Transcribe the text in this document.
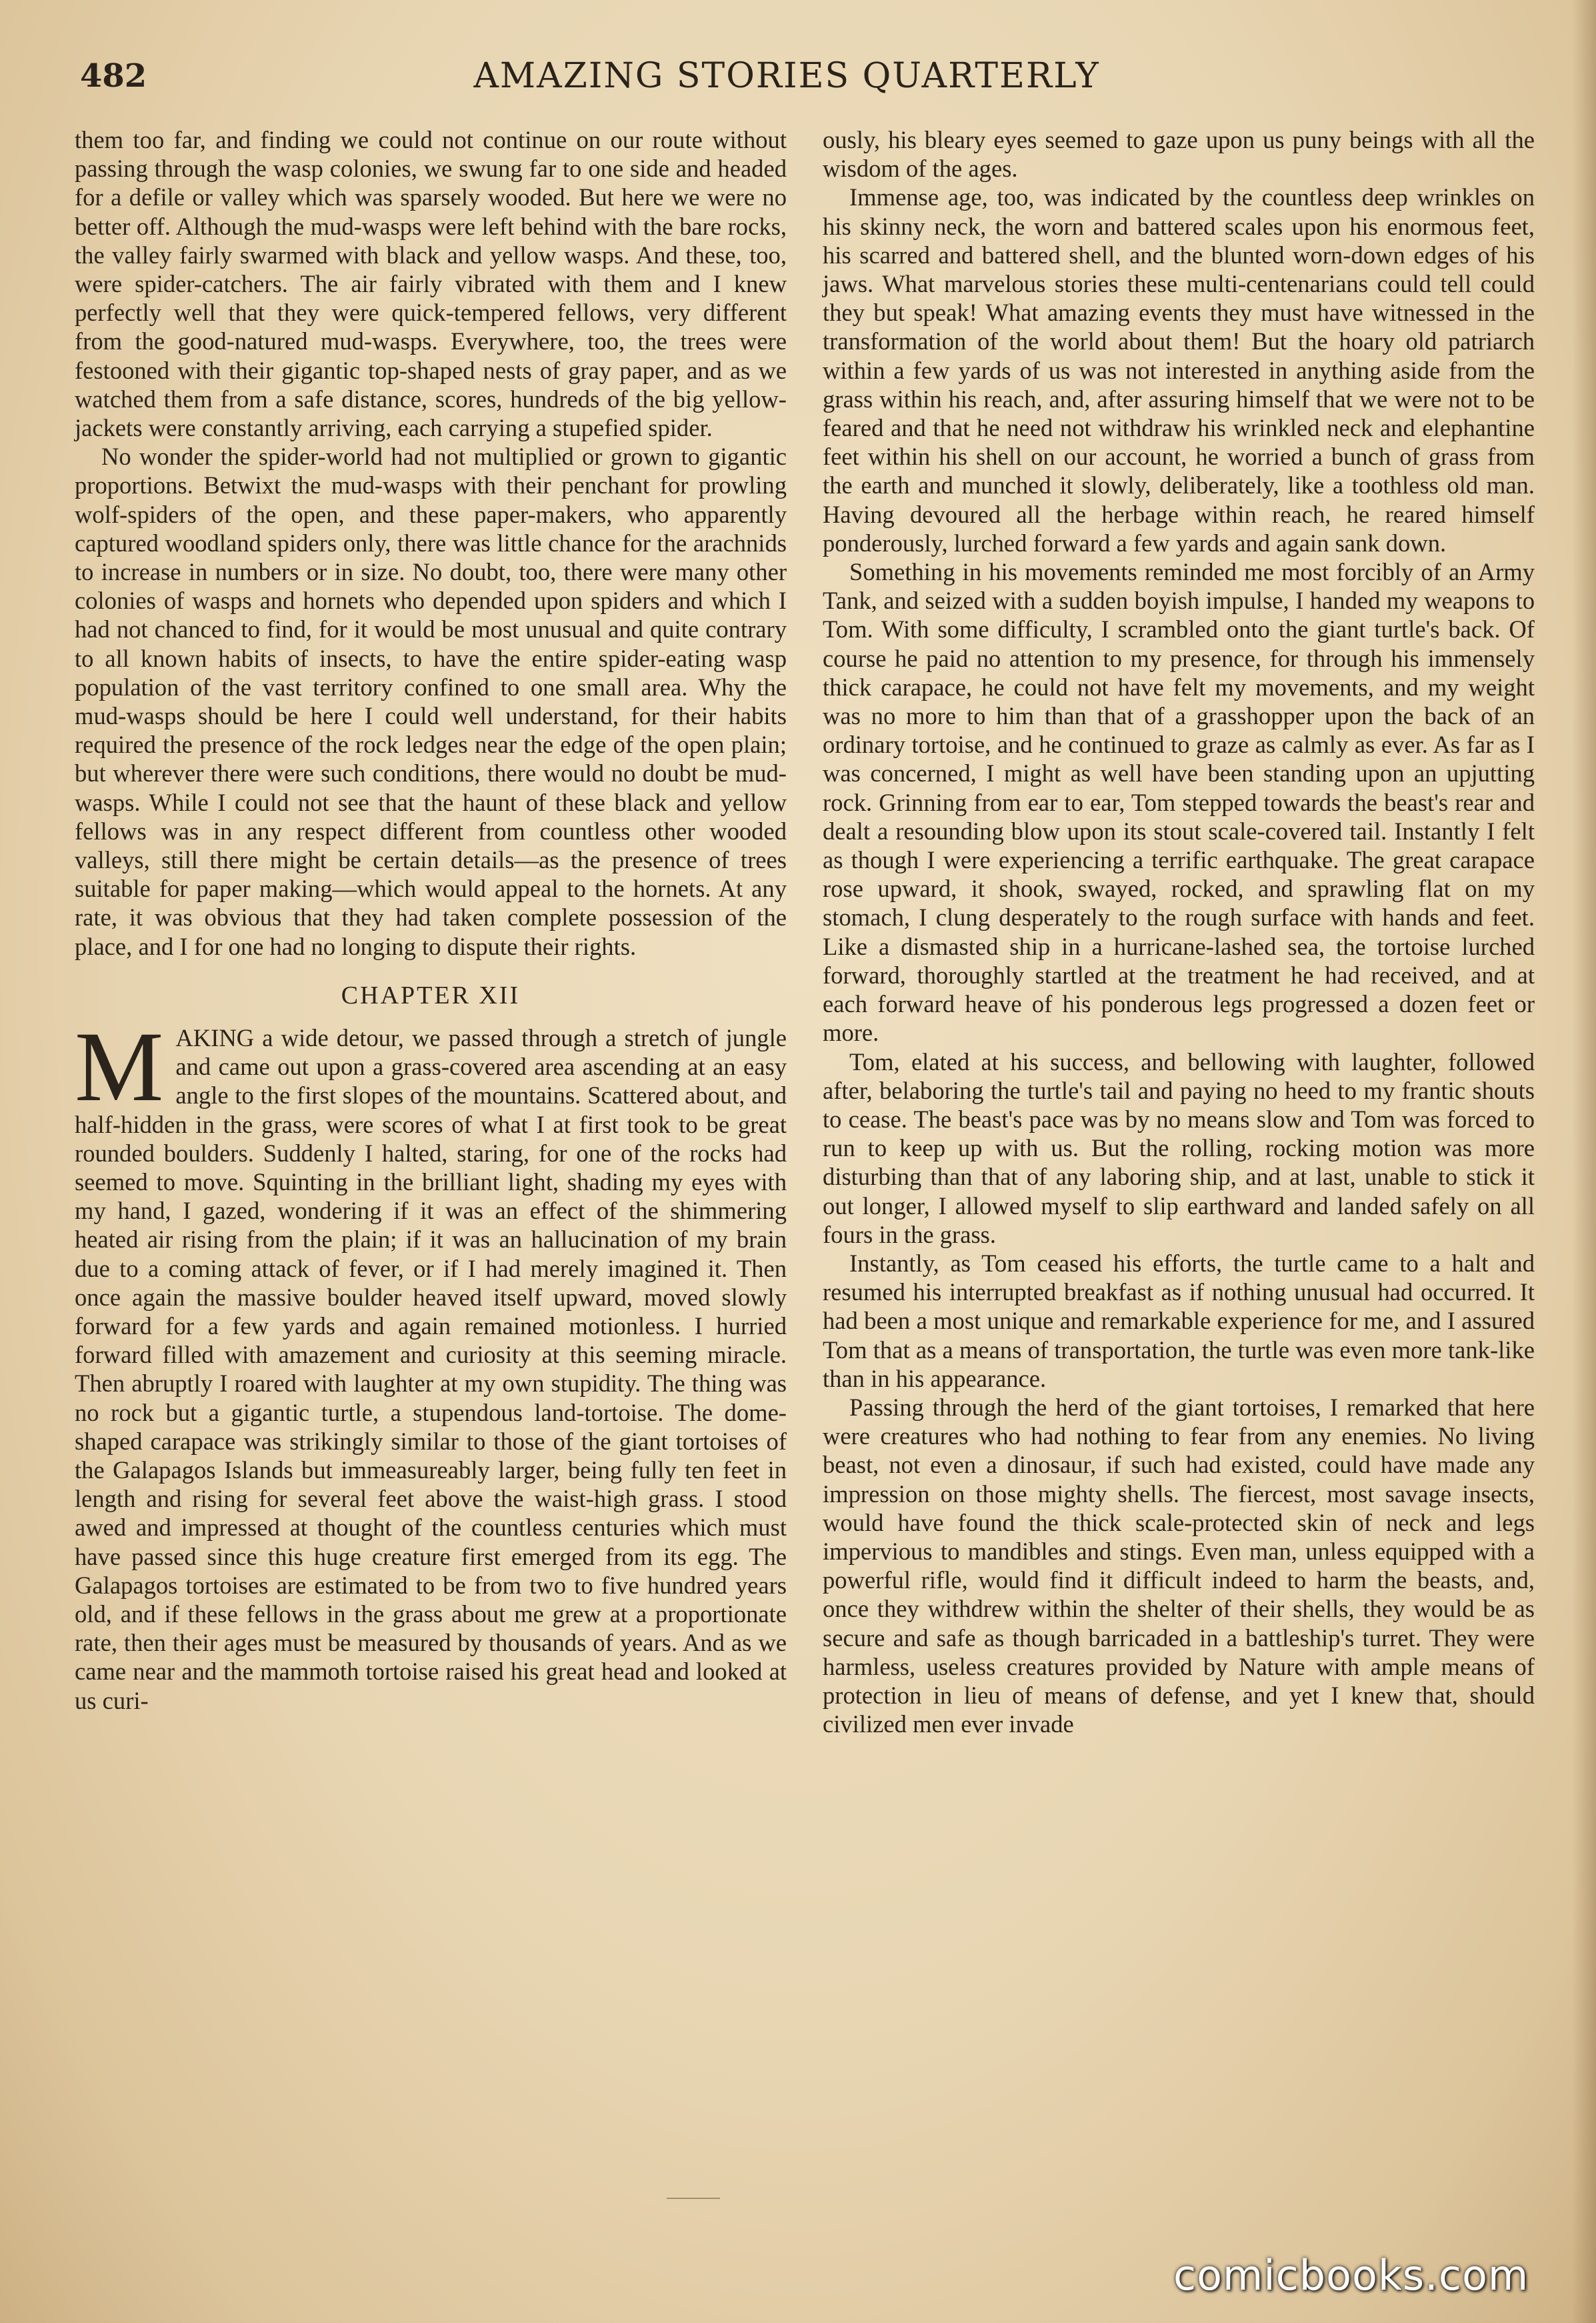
482	AMAZING STORIES QUARTERLY

them too far, and finding we could not continue on our route without passing through the wasp colonies, we swung far to one side and headed for a defile or valley which was sparsely wooded. But here we were no better off. Although the mud-wasps were left behind with the bare rocks, the valley fairly swarmed with black and yellow wasps. And these, too, were spider-catchers. The air fairly vibrated with them and I knew perfectly well that they were quick-tempered fellows, very different from the good-natured mud-wasps. Everywhere, too, the trees were festooned with their gigantic top-shaped nests of gray paper, and as we watched them from a safe distance, scores, hundreds of the big yellow-jackets were constantly arriving, each carrying a stupefied spider.

No wonder the spider-world had not multiplied or grown to gigantic proportions. Betwixt the mud-wasps with their penchant for prowling wolf-spiders of the open, and these paper-makers, who apparently captured woodland spiders only, there was little chance for the arachnids to increase in numbers or in size. No doubt, too, there were many other colonies of wasps and hornets who depended upon spiders and which I had not chanced to find, for it would be most unusual and quite contrary to all known habits of insects, to have the entire spider-eating wasp population of the vast territory confined to one small area. Why the mud-wasps should be here I could well understand, for their habits required the presence of the rock ledges near the edge of the open plain; but wherever there were such conditions, there would no doubt be mud-wasps. While I could not see that the haunt of these black and yellow fellows was in any respect different from countless other wooded valleys, still there might be certain details—as the presence of trees suitable for paper making—which would appeal to the hornets. At any rate, it was obvious that they had taken complete possession of the place, and I for one had no longing to dispute their rights.

CHAPTER XII

MAKING a wide detour, we passed through a stretch of jungle and came out upon a grass-covered area ascending at an easy angle to the first slopes of the mountains. Scattered about, and half-hidden in the grass, were scores of what I at first took to be great rounded boulders. Suddenly I halted, staring, for one of the rocks had seemed to move. Squinting in the brilliant light, shading my eyes with my hand, I gazed, wondering if it was an effect of the shimmering heated air rising from the plain; if it was an hallucination of my brain due to a coming attack of fever, or if I had merely imagined it. Then once again the massive boulder heaved itself upward, moved slowly forward for a few yards and again remained motionless. I hurried forward filled with amazement and curiosity at this seeming miracle. Then abruptly I roared with laughter at my own stupidity. The thing was no rock but a gigantic turtle, a stupendous land-tortoise. The dome-shaped carapace was strikingly similar to those of the giant tortoises of the Galapagos Islands but immeasureably larger, being fully ten feet in length and rising for several feet above the waist-high grass. I stood awed and impressed at thought of the countless centuries which must have passed since this huge creature first emerged from its egg. The Galapagos tortoises are estimated to be from two to five hundred years old, and if these fellows in the grass about me grew at a proportionate rate, then their ages must be measured by thousands of years. And as we came near and the mammoth tortoise raised his great head and looked at us curi-

ously, his bleary eyes seemed to gaze upon us puny beings with all the wisdom of the ages.

Immense age, too, was indicated by the countless deep wrinkles on his skinny neck, the worn and battered scales upon his enormous feet, his scarred and battered shell, and the blunted worn-down edges of his jaws. What marvelous stories these multi-centenarians could tell could they but speak! What amazing events they must have witnessed in the transformation of the world about them! But the hoary old patriarch within a few yards of us was not interested in anything aside from the grass within his reach, and, after assuring himself that we were not to be feared and that he need not withdraw his wrinkled neck and elephantine feet within his shell on our account, he worried a bunch of grass from the earth and munched it slowly, deliberately, like a toothless old man. Having devoured all the herbage within reach, he reared himself ponderously, lurched forward a few yards and again sank down.

Something in his movements reminded me most forcibly of an Army Tank, and seized with a sudden boyish impulse, I handed my weapons to Tom. With some difficulty, I scrambled onto the giant turtle's back. Of course he paid no attention to my presence, for through his immensely thick carapace, he could not have felt my movements, and my weight was no more to him than that of a grasshopper upon the back of an ordinary tortoise, and he continued to graze as calmly as ever. As far as I was concerned, I might as well have been standing upon an upjutting rock. Grinning from ear to ear, Tom stepped towards the beast's rear and dealt a resounding blow upon its stout scale-covered tail. Instantly I felt as though I were experiencing a terrific earthquake. The great carapace rose upward, it shook, swayed, rocked, and sprawling flat on my stomach, I clung desperately to the rough surface with hands and feet. Like a dismasted ship in a hurricane-lashed sea, the tortoise lurched forward, thoroughly startled at the treatment he had received, and at each forward heave of his ponderous legs progressed a dozen feet or more.

Tom, elated at his success, and bellowing with laughter, followed after, belaboring the turtle's tail and paying no heed to my frantic shouts to cease. The beast's pace was by no means slow and Tom was forced to run to keep up with us. But the rolling, rocking motion was more disturbing than that of any laboring ship, and at last, unable to stick it out longer, I allowed myself to slip earthward and landed safely on all fours in the grass.

Instantly, as Tom ceased his efforts, the turtle came to a halt and resumed his interrupted breakfast as if nothing unusual had occurred. It had been a most unique and remarkable experience for me, and I assured Tom that as a means of transportation, the turtle was even more tank-like than in his appearance.

Passing through the herd of the giant tortoises, I remarked that here were creatures who had nothing to fear from any enemies. No living beast, not even a dinosaur, if such had existed, could have made any impression on those mighty shells. The fiercest, most savage insects, would have found the thick scale-protected skin of neck and legs impervious to mandibles and stings. Even man, unless equipped with a powerful rifle, would find it difficult indeed to harm the beasts, and, once they withdrew within the shelter of their shells, they would be as secure and safe as though barricaded in a battleship's turret. They were harmless, useless creatures provided by Nature with ample means of protection in lieu of means of defense, and yet I knew that, should civilized men ever invade

comicbooks.com
